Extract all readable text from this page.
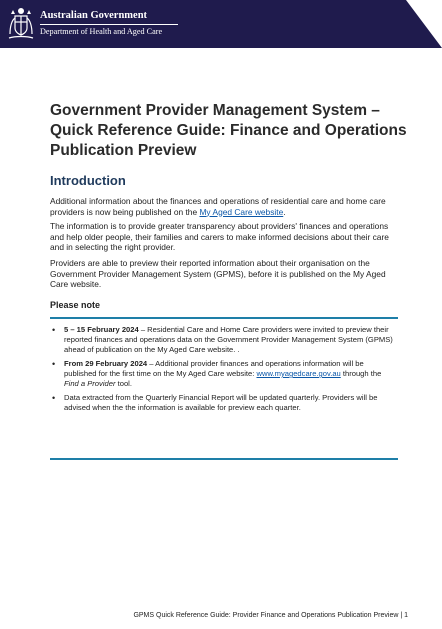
Australian Government
Department of Health and Aged Care
Government Provider Management System – Quick Reference Guide: Finance and Operations Publication Preview
Introduction
Additional information about the finances and operations of residential care and home care providers is now being published on the My Aged Care website.
The information is to provide greater transparency about providers' finances and operations and help older people, their families and carers to make informed decisions about their care and in selecting the right provider.
Providers are able to preview their reported information about their organisation on the Government Provider Management System (GPMS), before it is published on the My Aged Care website.
Please note
• 5 – 15 February 2024 – Residential Care and Home Care providers were invited to preview their reported finances and operations data on the Government Provider Management System (GPMS) ahead of publication on the My Aged Care website. .
• From 29 February 2024 – Additional provider finances and operations information will be published for the first time on the My Aged Care website: www.myagedcare.gov.au through the Find a Provider tool.
• Data extracted from the Quarterly Financial Report will be updated quarterly. Providers will be advised when the the information is available for preview each quarter.
GPMS Quick Reference Guide: Provider Finance and Operations Publication Preview | 1
